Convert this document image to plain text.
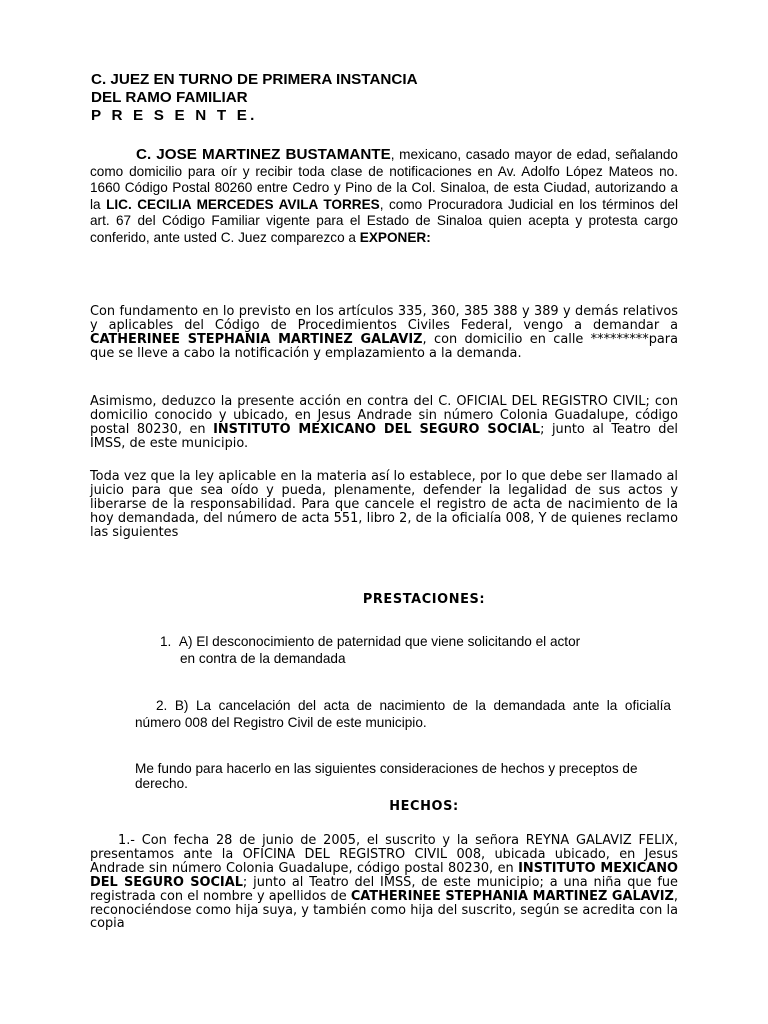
C. JUEZ EN TURNO DE PRIMERA INSTANCIA
DEL RAMO FAMILIAR
P R E S E N T E.
C. JOSE MARTINEZ BUSTAMANTE, mexicano, casado mayor de edad, señalando como domicilio para oír y recibir toda clase de notificaciones en Av. Adolfo López Mateos no. 1660 Código Postal 80260 entre Cedro y Pino de la Col. Sinaloa, de esta Ciudad, autorizando a la LIC. CECILIA MERCEDES AVILA TORRES, como Procuradora Judicial en los términos del art. 67 del Código Familiar vigente para el Estado de Sinaloa quien acepta y protesta cargo conferido, ante usted C. Juez comparezco a EXPONER:
Con fundamento en lo previsto en los artículos 335, 360, 385 388 y 389 y demás relativos y aplicables del Código de Procedimientos Civiles Federal, vengo a demandar a CATHERINEE STEPHANIA MARTINEZ GALAVIZ, con domicilio en calle *********para que se lleve a cabo la notificación y emplazamiento a la demanda.
Asimismo, deduzco la presente acción en contra del C. OFICIAL DEL REGISTRO CIVIL; con domicilio conocido y ubicado, en Jesus Andrade sin número Colonia Guadalupe, código postal 80230, en INSTITUTO MEXICANO DEL SEGURO SOCIAL; junto al Teatro del IMSS, de este municipio.
Toda vez que la ley aplicable en la materia así lo establece, por lo que debe ser llamado al juicio para que sea oído y pueda, plenamente, defender la legalidad de sus actos y liberarse de la responsabilidad. Para que cancele el registro de acta de nacimiento de la hoy demandada, del número de acta 551, libro 2, de la oficialía 008, Y de quienes reclamo las siguientes
PRESTACIONES:
1. A) El desconocimiento de paternidad que viene solicitando el actor
en contra de la demandada
2. B) La cancelación del acta de nacimiento de la demandada ante la oficialía número 008 del Registro Civil de este municipio.
Me fundo para hacerlo en las siguientes consideraciones de hechos y preceptos de derecho.
HECHOS:
1.- Con fecha 28 de junio de 2005, el suscrito y la señora REYNA GALAVIZ FELIX, presentamos ante la OFICINA DEL REGISTRO CIVIL 008, ubicada ubicado, en Jesus Andrade sin número Colonia Guadalupe, código postal 80230, en INSTITUTO MEXICANO DEL SEGURO SOCIAL; junto al Teatro del IMSS, de este municipio; a una niña que fue registrada con el nombre y apellidos de CATHERINEE STEPHANIA MARTINEZ GALAVIZ, reconociéndose como hija suya, y también como hija del suscrito, según se acredita con la copia
